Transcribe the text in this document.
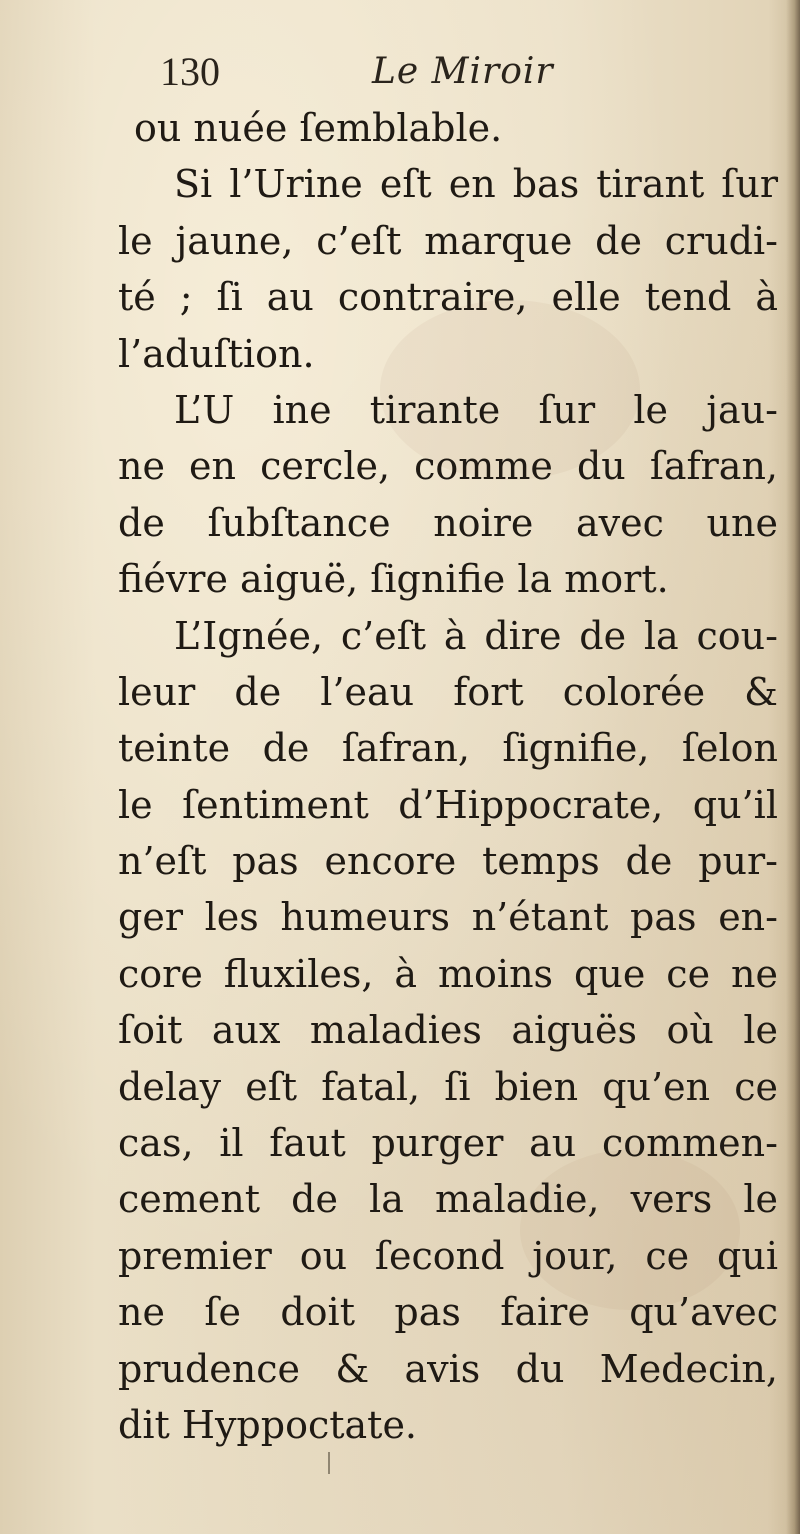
130	Le Miroir
ou nuée ſemblable.
Si l’Urine eſt en bas tirant ſur
le jaune, c’eſt marque de crudi-
té ; ſi au contraire, elle tend à
l’aduſtion.
L’U ine tirante ſur le jau-
ne en cercle, comme du ſafran,
de ſubſtance noire avec une
fiévre aiguë, ſignifie la mort.
L’Ignée, c’eſt à dire de la cou-
leur de l’eau fort colorée &
teinte de ſafran, ſignifie, ſelon
le ſentiment d’Hippocrate, qu’il
n’eſt pas encore temps de pur-
ger les humeurs n’étant pas en-
core fluxiles, à moins que ce ne
ſoit aux maladies aiguës où le
delay eſt fatal, ſi bien qu’en ce
cas, il faut purger au commen-
cement de la maladie, vers le
premier ou ſecond jour, ce qui
ne ſe doit pas faire qu’avec
prudence & avis du Medecin,
dit Hyppoctate.
